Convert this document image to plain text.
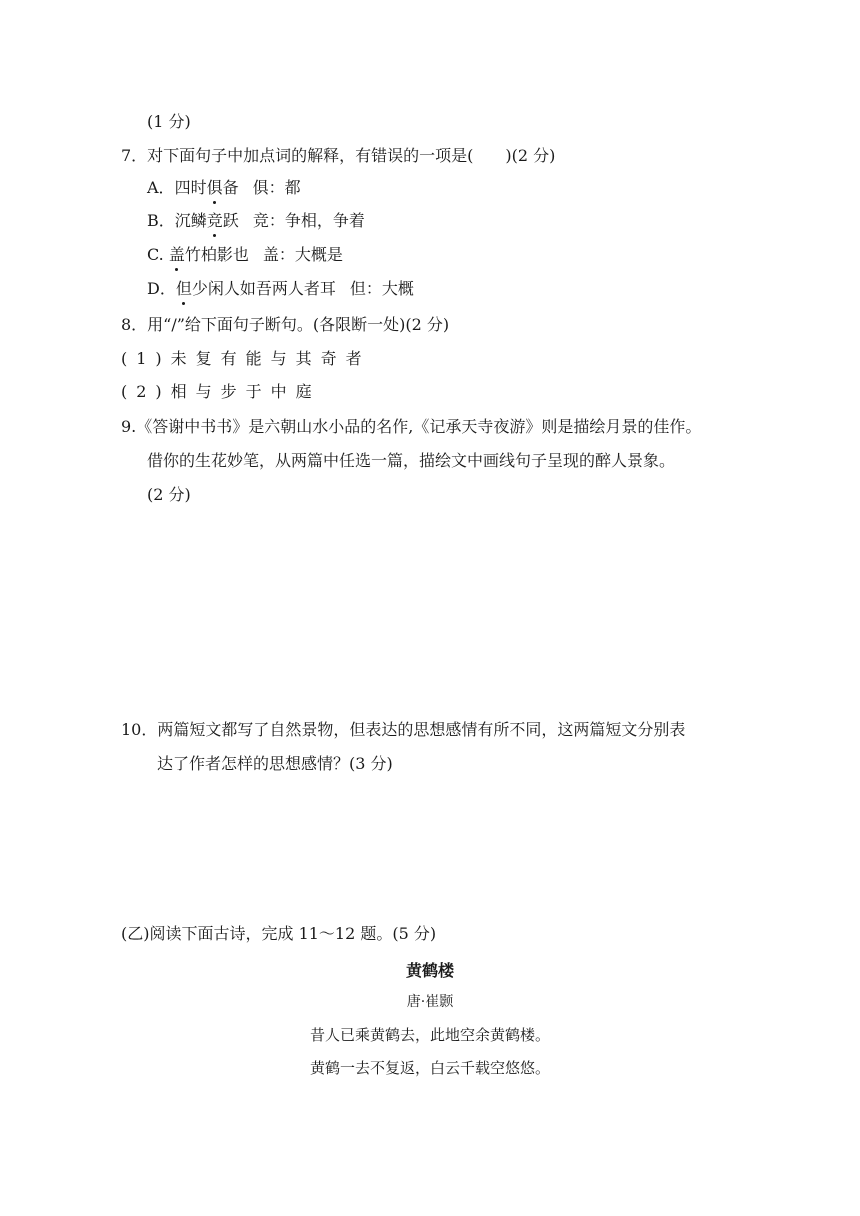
(1 分)
7．对下面句子中加点词的解释，有错误的一项是(　　)(2 分)
A．四时俱备 俱：都
B．沉鳞竞跃 竞：争相，争着
C. 盖竹柏影也 盖：大概是
D．但少闲人如吾两人者耳 但：大概
8．用“/”给下面句子断句。(各限断一处)(2 分)
(1)未复有能与其奇者
(2)相与步于中庭
9.《答谢中书书》是六朝山水小品的名作,《记承天寺夜游》则是描绘月景的佳作。
借你的生花妙笔，从两篇中任选一篇，描绘文中画线句子呈现的醉人景象。
(2 分)
10．两篇短文都写了自然景物，但表达的思想感情有所不同，这两篇短文分别表
达了作者怎样的思想感情？(3 分)
(乙)阅读下面古诗，完成 11～12 题。(5 分)
黄鹤楼
唐·崔颢
昔人已乘黄鹤去，此地空余黄鹤楼。
黄鹤一去不复返，白云千载空悠悠。
